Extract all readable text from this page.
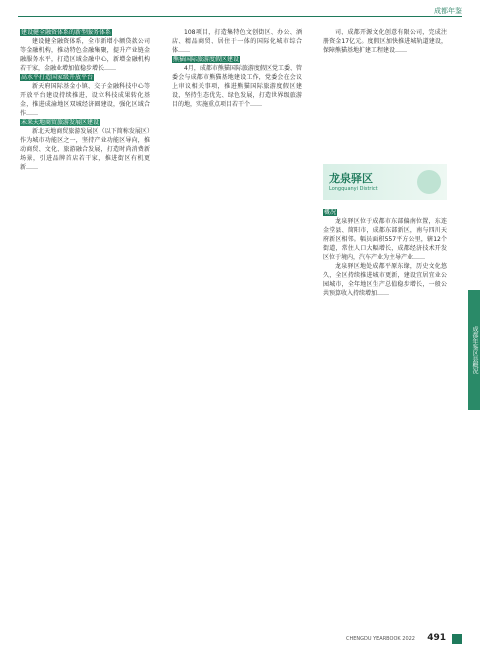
成都年鉴
建设健全融资体系的新型服务体系

建设健全融资体系，全市新增小额贷款公司等金融机构，推动特色金融集聚，提升产业链金融服务水平，打造区域金融中心，新增金融机构若干家，金融业增加值稳步增长……

高水平打造国家级开放平台

新天府国际基金小镇、交子金融科技中心等开放平台建设持续推进，设立科技成果转化基金，推进成渝地区双城经济圈建设，强化区域合作……

未来天地商贸旅游发展区建设

新北天地商贸旅游发展区（以下简称发展区）作为城市功能区之一，坚持产业功能区导向，推动商贸、文化、旅游融合发展，打造时尚消费新场景，引进品牌首店若干家，推进街区有机更新……

108项目，打造集特色文创街区、办公、酒店、精品商贸、居住于一体的国际化城市综合体……

熊猫国际旅游度假区建设

4月，成都市熊猫国际旅游度假区党工委、管委会与成都市熊猫基地建设工作，党委会在会议上审议相关事项，推进熊猫国际旅游度假区建设，坚持生态优先、绿色发展，打造世界级旅游目的地，实施重点项目若干个……

司、成都开源文化创意有限公司，完成注册资金17亿元。度假区加快推进城轨道建设，保障熊猫基地扩建工程建设……

龙泉驿区
Longquanyi District
概况

龙泉驿区位于成都市东部偏南位置，东连金堂县、简阳市，成都东部新区，南与四川天府新区相邻。幅员面积557平方公里，辖12个街道，常住人口大幅增长，成都经济技术开发区位于境内，汽车产业为主导产业……

龙泉驿区地处成都平原东缘，历史文化悠久，全区持续推进城市更新，建设宜居宜业公园城市，全年地区生产总值稳步增长，一般公共预算收入持续增加……

成都年鉴区县概况
CHENGDU YEARBOOK 2022 491
